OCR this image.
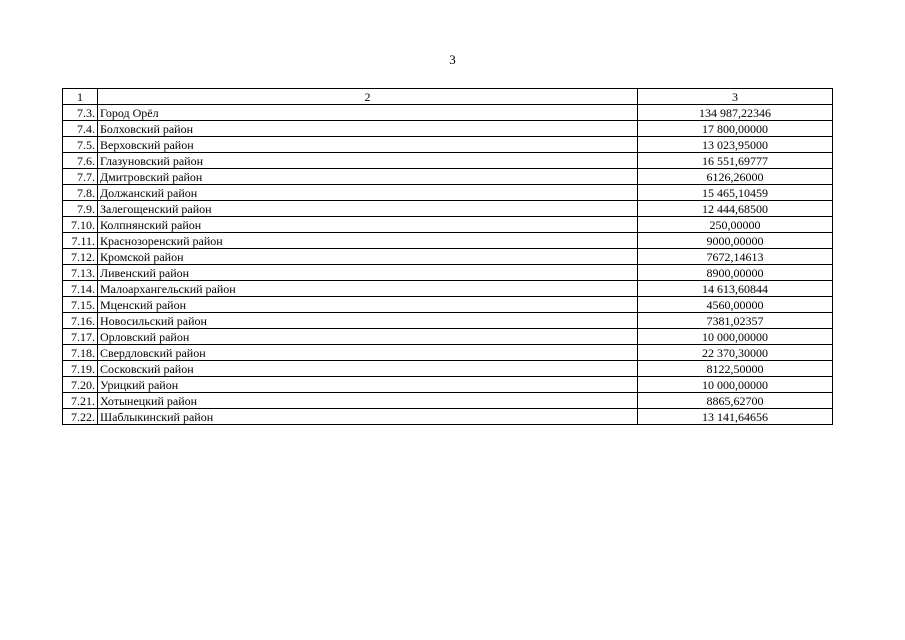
3
1	2	3
7.3.	Город Орёл	134 987,22346
7.4.	Болховский район	17 800,00000
7.5.	Верховский район	13 023,95000
7.6.	Глазуновский район	16 551,69777
7.7.	Дмитровский район	6126,26000
7.8.	Должанский район	15 465,10459
7.9.	Залегощенский район	12 444,68500
7.10.	Колпнянский район	250,00000
7.11.	Краснозоренский район	9000,00000
7.12.	Кромской район	7672,14613
7.13.	Ливенский район	8900,00000
7.14.	Малоархангельский район	14 613,60844
7.15.	Мценский район	4560,00000
7.16.	Новосильский район	7381,02357
7.17.	Орловский район	10 000,00000
7.18.	Свердловский район	22 370,30000
7.19.	Сосковский район	8122,50000
7.20.	Урицкий район	10 000,00000
7.21.	Хотынецкий район	8865,62700
7.22.	Шаблыкинский район	13 141,64656
